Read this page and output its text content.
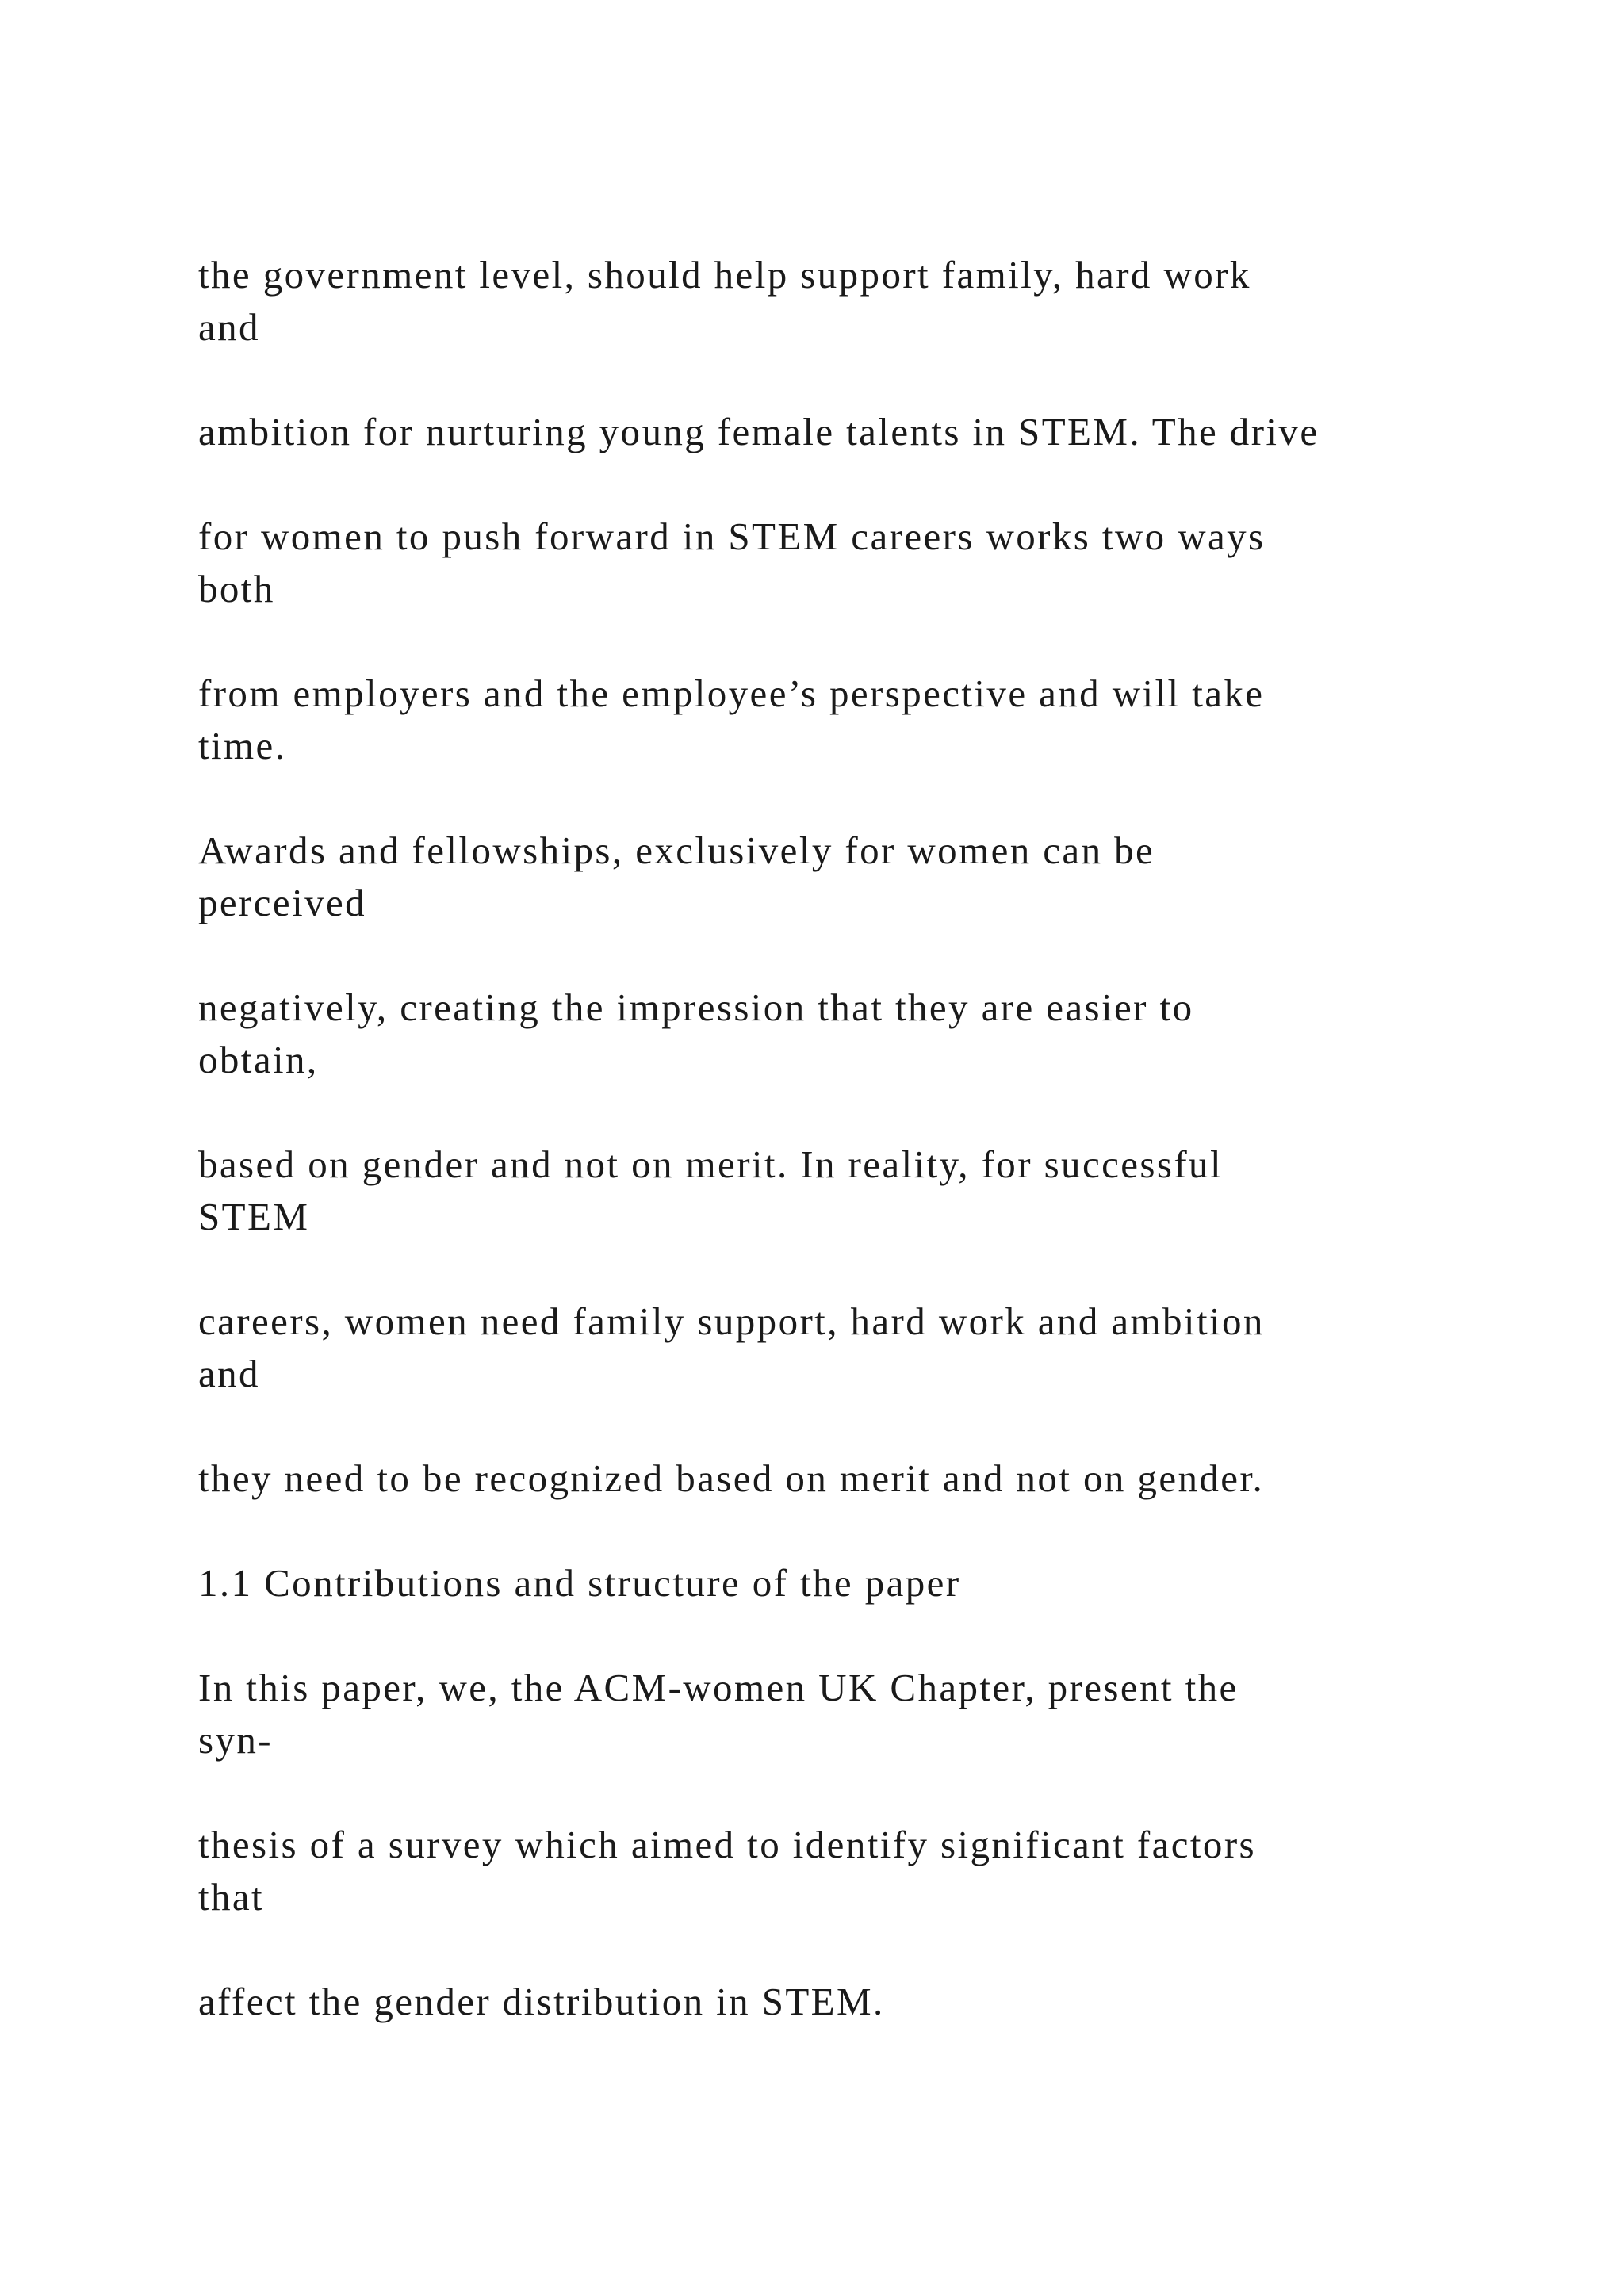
the government level, should help support family, hard work
and

ambition for nurturing young female talents in STEM. The drive

for women to push forward in STEM careers works two ways
both

from employers and the employee’s perspective and will take
time.

Awards and fellowships, exclusively for women can be
perceived

negatively, creating the impression that they are easier to
obtain,

based on gender and not on merit. In reality, for successful
STEM

careers, women need family support, hard work and ambition
and

they need to be recognized based on merit and not on gender.

1.1 Contributions and structure of the paper

In this paper, we, the ACM-women UK Chapter, present the
syn-

thesis of a survey which aimed to identify significant factors
that

affect the gender distribution in STEM.
